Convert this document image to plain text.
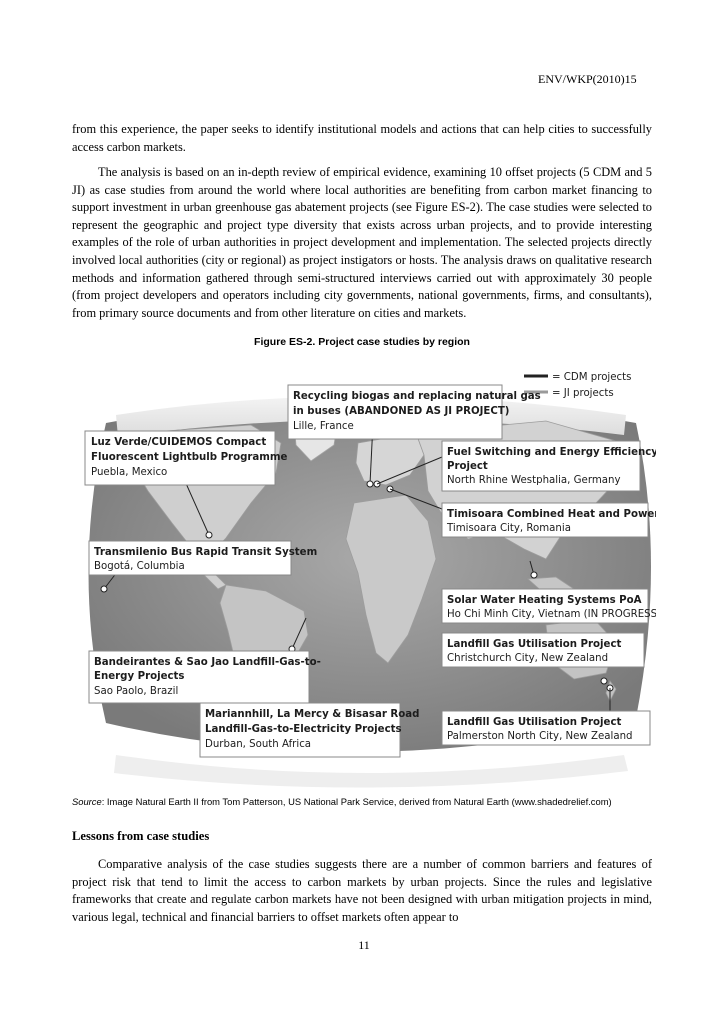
ENV/WKP(2010)15

from this experience, the paper seeks to identify institutional models and actions that can help cities to successfully access carbon markets.

The analysis is based on an in-depth review of empirical evidence, examining 10 offset projects (5 CDM and 5 JI) as case studies from around the world where local authorities are benefiting from carbon market financing to support investment in urban greenhouse gas abatement projects (see Figure ES-2). The case studies were selected to represent the geographic and project type diversity that exists across urban projects, and to provide interesting examples of the role of urban authorities in project development and implementation. The selected projects directly involved local authorities (city or regional) as project instigators or hosts. The analysis draws on qualitative research methods and information gathered through semi-structured interviews carried out with approximately 30 people (from project developers and operators including city governments, national governments, firms, and consultants), from primary source documents and from other literature on cities and markets.

Figure ES-2. Project case studies by region
= CDM projects
= JI projects
Recycling biogas and replacing natural gas
in buses (ABANDONED AS JI PROJECT)
Lille, France
Luz Verde/CUIDEMOS Compact
Fluorescent Lightbulb Programme
Puebla, Mexico
Fuel Switching and Energy Efficiency
Project
North Rhine Westphalia, Germany
Timisoara Combined Heat and Power
Timisoara City, Romania
Transmilenio Bus Rapid Transit System
Bogotá, Columbia
Solar Water Heating Systems PoA
Ho Chi Minh City, Vietnam (IN PROGRESS)
Landfill Gas Utilisation Project
Christchurch City, New Zealand
Bandeirantes & Sao Jao Landfill-Gas-to-
Energy Projects
Sao Paolo, Brazil
Landfill Gas Utilisation Project
Palmerston North City, New Zealand
Mariannhill, La Mercy & Bisasar Road
Landfill-Gas-to-Electricity Projects
Durban, South Africa
Source: Image Natural Earth II from Tom Patterson, US National Park Service, derived from Natural Earth (www.shadedrelief.com)
Lessons from case studies

Comparative analysis of the case studies suggests there are a number of common barriers and features of project risk that tend to limit the access to carbon markets by urban projects. Since the rules and legislative frameworks that create and regulate carbon markets have not been designed with urban mitigation projects in mind, various legal, technical and financial barriers to offset markets often appear to

11
